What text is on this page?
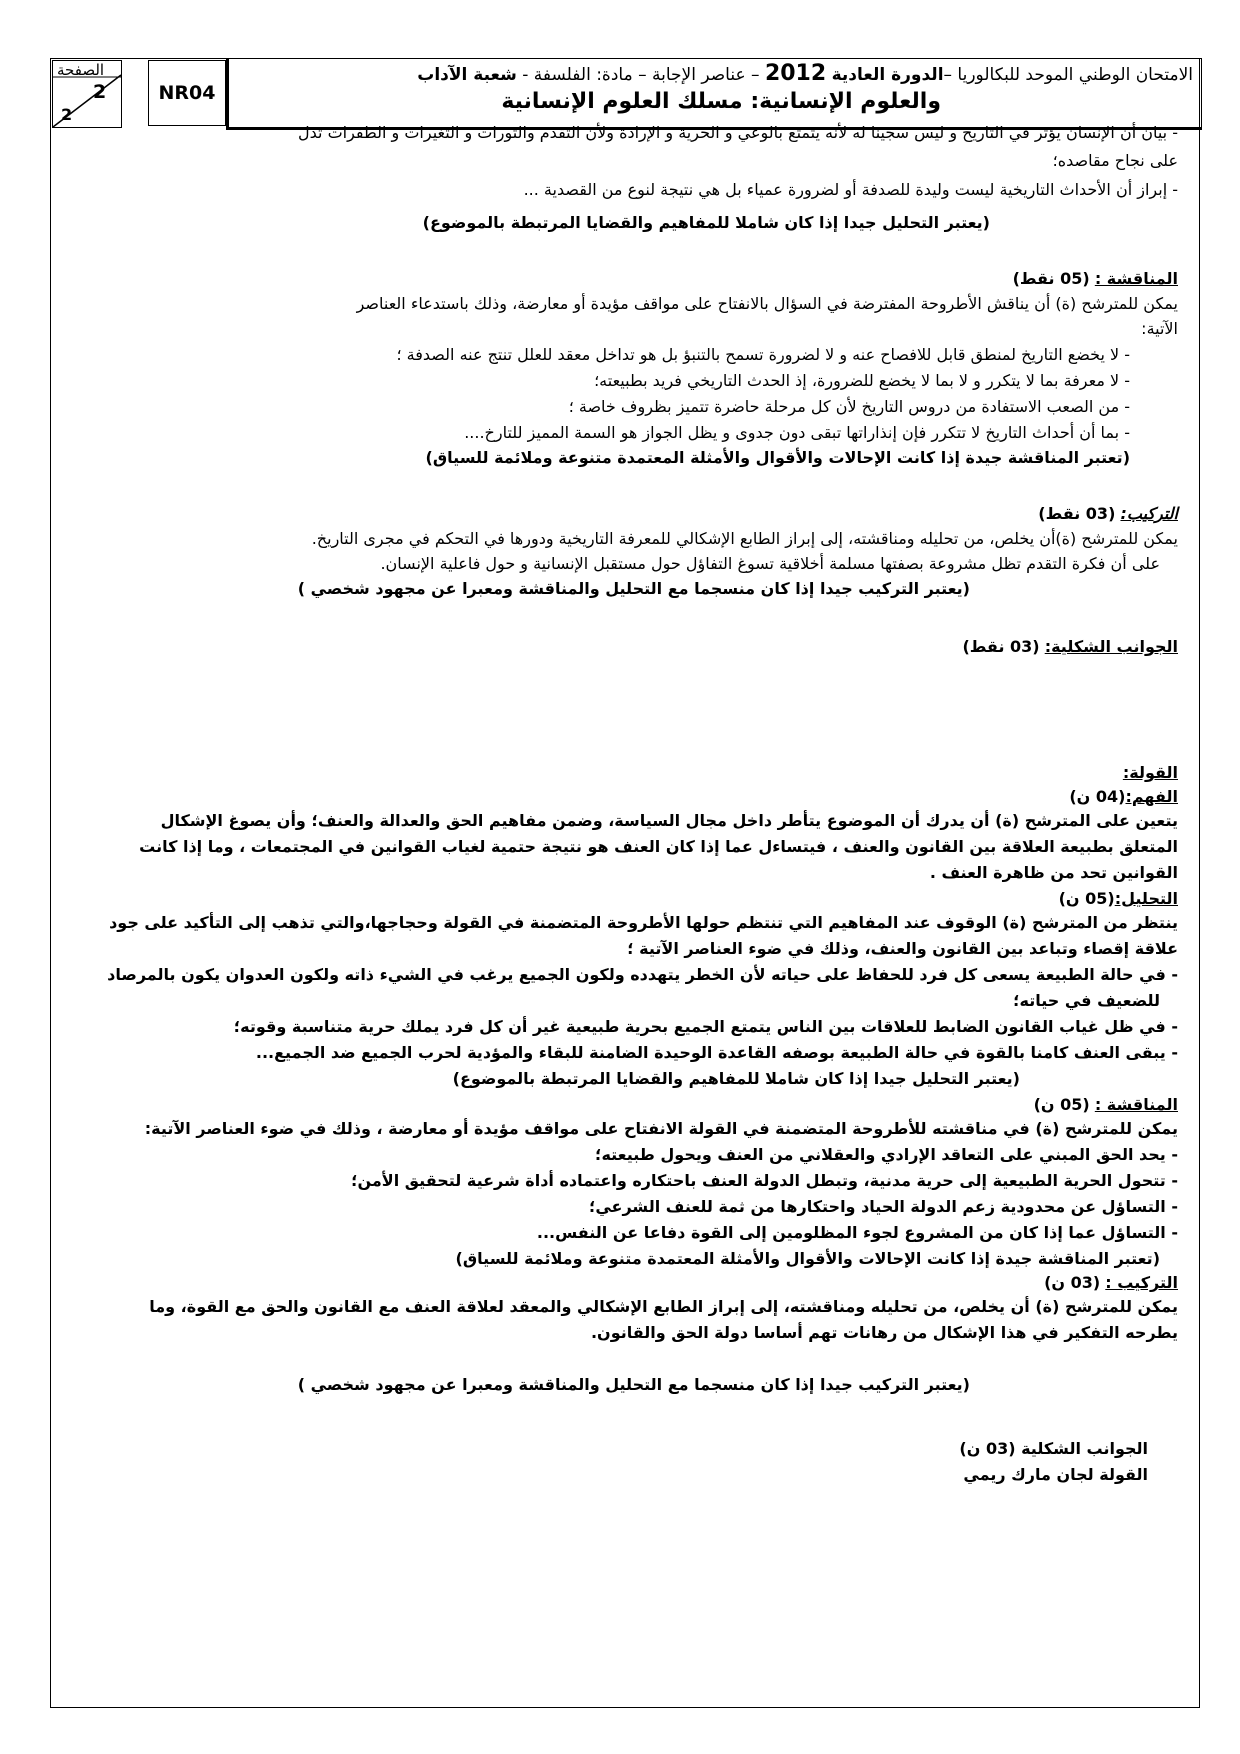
الصفحة
2
2
NR04
الامتحان الوطني الموحد للبكالوريا –الدورة العادية 2012 – عناصر الإجابة – مادة: الفلسفة - شعبة الآداب
والعلوم الإنسانية: مسلك العلوم الإنسانية
- بيان أن الإنسان يؤثر في التاريخ و ليس سجينا له لأنه يتمتع بالوعي و الحرية و الإرادة ولأن التقدم والثورات و التغيرات و الطفرات تدل
على نجاح مقاصده؛
- إبراز أن الأحداث التاريخية ليست وليدة للصدفة أو لضرورة عمياء بل هي نتيجة لنوع من القصدية ...
(يعتبر التحليل جيدا إذا كان شاملا للمفاهيم والقضايا المرتبطة بالموضوع)
المناقشة : (05 نقط)
يمكن للمترشح (ة) أن يناقش الأطروحة المفترضة في السؤال بالانفتاح على مواقف مؤيدة أو معارضة، وذلك باستدعاء العناصر
الآتية:
- لا يخضع التاريخ لمنطق قابل للافصاح عنه و لا لضرورة تسمح بالتنبؤ بل هو تداخل معقد للعلل تنتج عنه الصدفة ؛
- لا معرفة بما لا يتكرر و لا بما لا يخضع للضرورة، إذ الحدث التاريخي فريد بطبيعته؛
- من الصعب الاستفادة من دروس التاريخ لأن كل مرحلة حاضرة تتميز بظروف خاصة ؛
- بما أن أحداث التاريخ لا تتكرر فإن إنذاراتها تبقى دون جدوى و يظل الجواز هو السمة المميز للتارخ....
(تعتبر المناقشة جيدة إذا كانت الإحالات والأقوال والأمثلة المعتمدة متنوعة وملائمة للسياق)
التركيب: (03 نقط)
يمكن للمترشح (ة)أن يخلص، من تحليله ومناقشته، إلى إبراز الطابع الإشكالي للمعرفة التاريخية ودورها في التحكم في مجرى التاريخ.
على أن فكرة التقدم تظل مشروعة بصفتها مسلمة أخلاقية تسوغ التفاؤل حول مستقبل الإنسانية و حول فاعلية الإنسان.
(يعتبر التركيب جيدا إذا كان منسجما مع التحليل والمناقشة ومعبرا عن مجهود شخصي )
الجوانب الشكلية: (03 نقط)
القولة:
الفهم:(04 ن)
يتعين على المترشح (ة) أن يدرك أن الموضوع يتأطر داخل مجال السياسة، وضمن مفاهيم الحق والعدالة والعنف؛ وأن يصوغ الإشكال
المتعلق بطبيعة العلاقة بين القانون والعنف ، فيتساءل عما إذا كان العنف هو نتيجة حتمية لغياب القوانين في المجتمعات ، وما إذا كانت
القوانين تحد من ظاهرة العنف .
التحليل:(05 ن)
ينتظر من المترشح (ة) الوقوف عند المفاهيم التي تنتظم حولها الأطروحة المتضمنة في القولة وحجاجها،والتي تذهب إلى التأكيد على جود
علاقة إقصاء وتباعد بين القانون والعنف، وذلك في ضوء العناصر الآتية ؛
- في حالة الطبيعة يسعى كل فرد للحفاظ على حياته لأن الخطر يتهدده ولكون الجميع يرغب في الشيء ذاته ولكون العدوان يكون بالمرصاد
للضعيف في حياته؛
- في ظل غياب القانون الضابط للعلاقات بين الناس يتمتع الجميع بحرية طبيعية غير أن كل فرد يملك حرية متناسبة وقوته؛
- يبقى العنف كامنا بالقوة في حالة الطبيعة بوصفه القاعدة الوحيدة الضامنة للبقاء والمؤدية لحرب الجميع ضد الجميع...
(يعتبر التحليل جيدا إذا كان شاملا للمفاهيم والقضايا المرتبطة بالموضوع)
المناقشة : (05 ن)
يمكن للمترشح (ة) في مناقشته للأطروحة المتضمنة في القولة الانفتاح على مواقف مؤيدة أو معارضة ، وذلك في ضوء العناصر الآتية:
- يحد الحق المبني على التعاقد الإرادي والعقلاني من العنف ويحول طبيعته؛
- تتحول الحرية الطبيعية إلى حرية مدنية، وتبطل الدولة العنف باحتكاره واعتماده أداة شرعية لتحقيق الأمن؛
- التساؤل عن محدودية زعم الدولة الحياد واحتكارها من ثمة للعنف الشرعي؛
- التساؤل عما إذا كان من المشروع لجوء المظلومين إلى القوة دفاعا عن النفس...
(تعتبر المناقشة جيدة إذا كانت الإحالات والأقوال والأمثلة المعتمدة متنوعة وملائمة للسياق)
التركيب : (03 ن)
يمكن للمترشح (ة) أن يخلص، من تحليله ومناقشته، إلى إبراز الطابع الإشكالي والمعقد لعلاقة العنف مع القانون والحق مع القوة، وما
يطرحه التفكير في هذا الإشكال من رهانات تهم أساسا دولة الحق والقانون.
(يعتبر التركيب جيدا إذا كان منسجما مع التحليل والمناقشة ومعبرا عن مجهود شخصي )
الجوانب الشكلية (03 ن)
القولة لجان مارك ريمي
